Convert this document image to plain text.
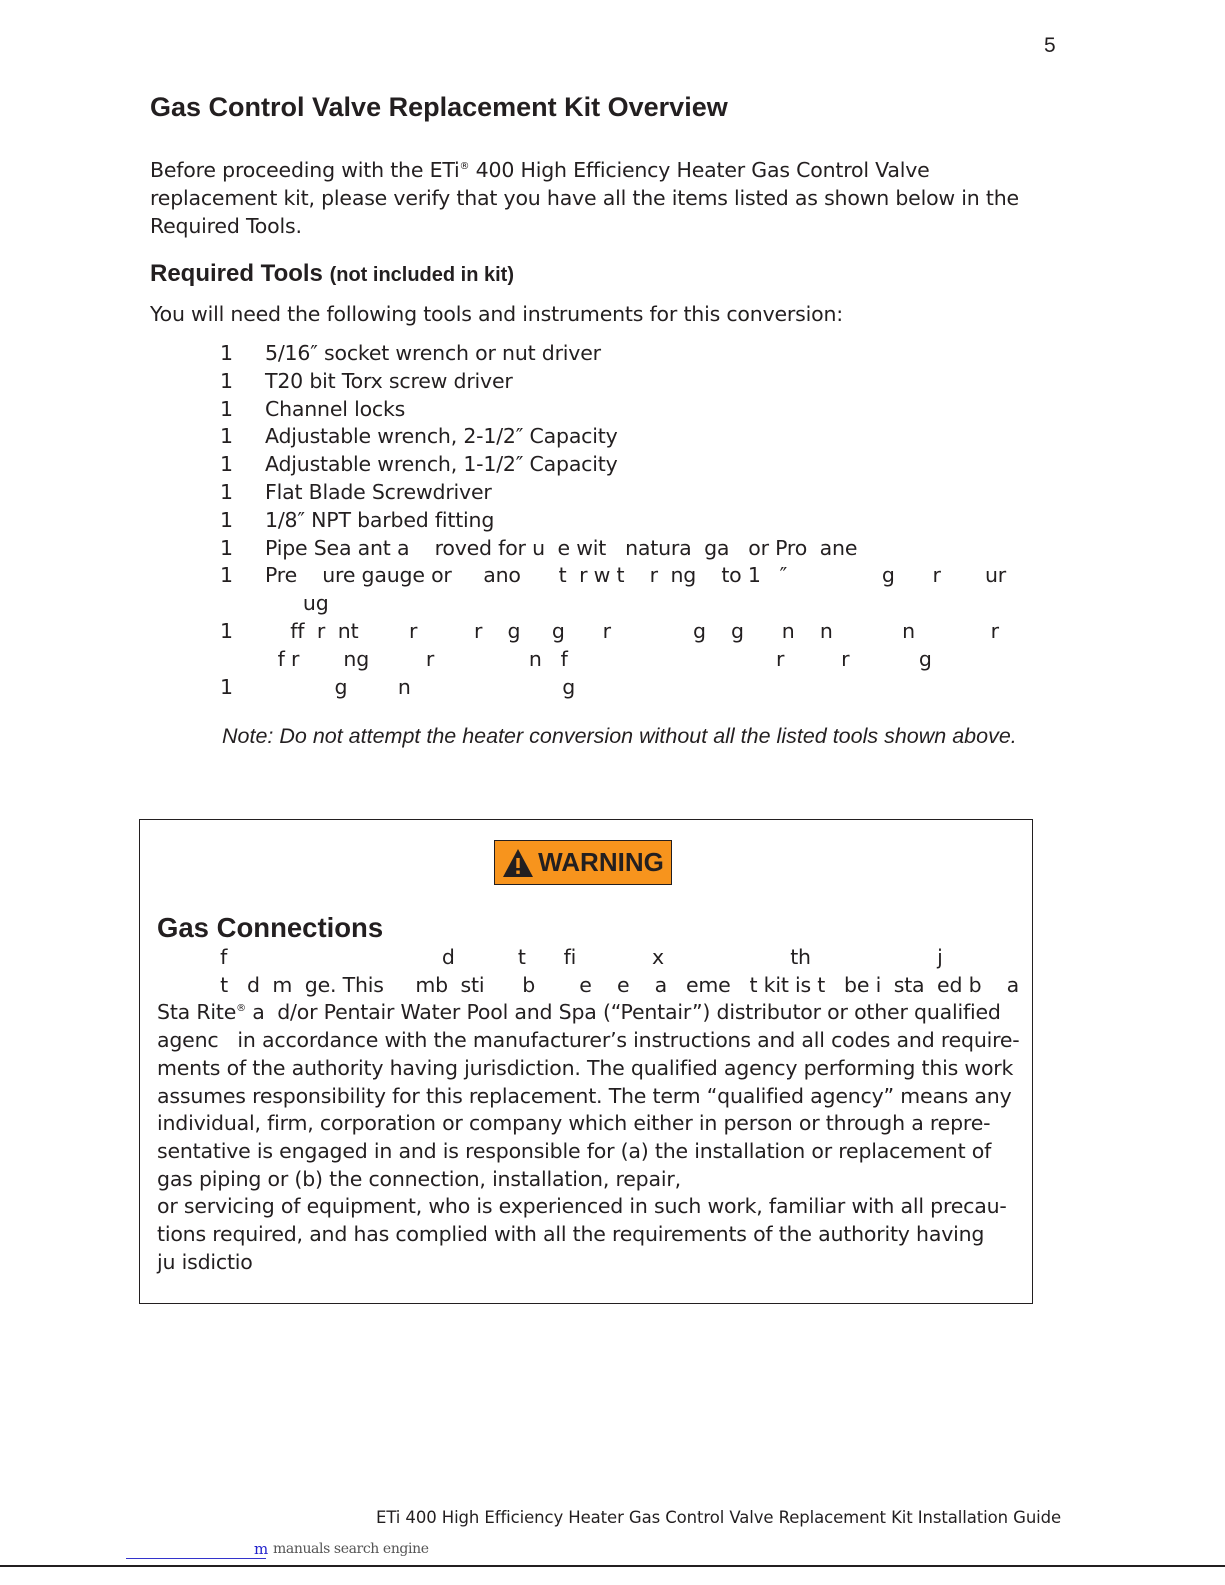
5
Gas Control Valve Replacement Kit Overview

Before proceeding with the ETi® 400 High Efficiency Heater Gas Control Valve replacement kit, please verify that you have all the items listed as shown below in the Required Tools.

Required Tools (not included in kit)

You will need the following tools and instruments for this conversion:

1	5/16″ socket wrench or nut driver
1	T20 bit Torx screw driver
1	Channel locks
1	Adjustable wrench, 2-1/2″ Capacity
1	Adjustable wrench, 1-1/2″ Capacity
1	Flat Blade Screwdriver
1	1/8″ NPT barbed fitting
1	Pipe Sea ant a    roved for u  e wit   natura  ga   or Pro  ane
1	Pre    ure gauge or     ano      t  r w t    r  ng    to 1   ″               g      r       ur
ug
1	ff  r  nt        r         r    g     g      r             g    g      n    n           n            r
f r       ng         r               n   f                                 r         r           g
1	g        n                        g

Note: Do not attempt the heater conversion without all the listed tools shown above.

WARNING
Gas Connections
f                                  d          t      fi            x                    th                    j
t   d  m  ge. This     mb  sti      b       e    e    a   eme   t kit is t   be i  sta  ed b    a
Sta Rite® a  d/or Pentair Water Pool and Spa (“Pentair”) distributor or other qualified
agenc   in accordance with the manufacturer’s instructions and all codes and require-
ments of the authority having jurisdiction. The qualified agency performing this work
assumes responsibility for this replacement. The term “qualified agency” means any
individual, firm, corporation or company which either in person or through a repre-
sentative is engaged in and is responsible for (a) the installation or replacement of
gas piping or (b) the connection, installation, repair,
or servicing of equipment, who is experienced in such work, familiar with all precau-
tions required, and has complied with all the requirements of the authority having
ju isdictio
ETi 400 High Efficiency Heater Gas Control Valve Replacement Kit Installation Guide
m manuals search engine
